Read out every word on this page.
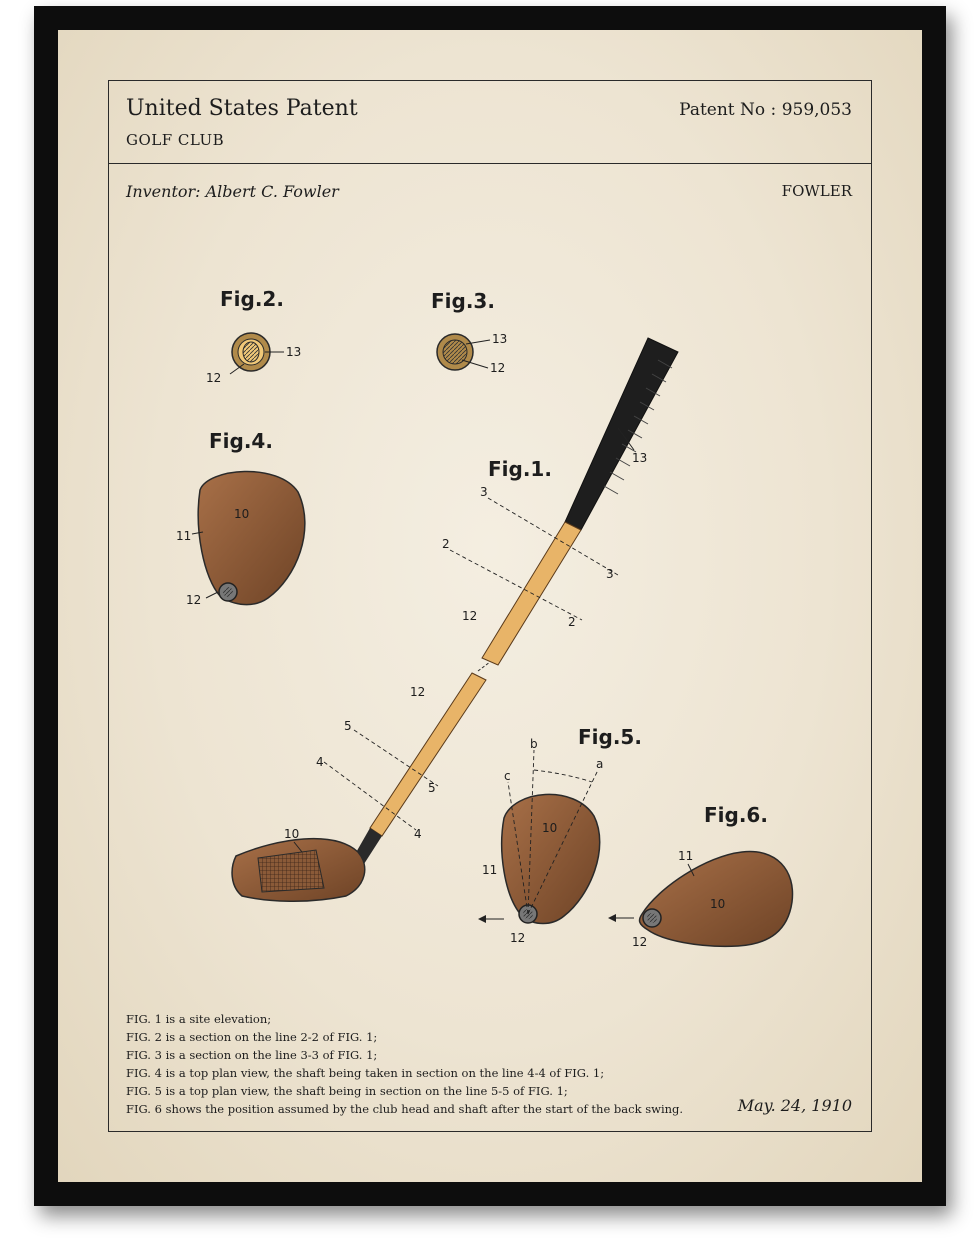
United States Patent
GOLF CLUB
Patent No : 959,053
Inventor: Albert C. Fowler	FOWLER
Fig.2.
13
12
Fig.3.
13
12
Fig.4.
10
11
12
Fig.1.
3
3
2
2
5
5
4
4
13
12
12
10
Fig.5.
b
c
a
10
11
12
Fig.6.
10
11
12
FIG. 1 is a site elevation;
FIG. 2 is a section on the line 2-2 of FIG. 1;
FIG. 3 is a section on the line 3-3 of FIG. 1;
FIG. 4 is a top plan view, the shaft being taken in section on the line 4-4 of FIG. 1;
FIG. 5 is a top plan view, the shaft being in section on the line 5-5 of FIG. 1;
FIG. 6 shows the position assumed by the club head and shaft after the start of the back swing.	May. 24, 1910
